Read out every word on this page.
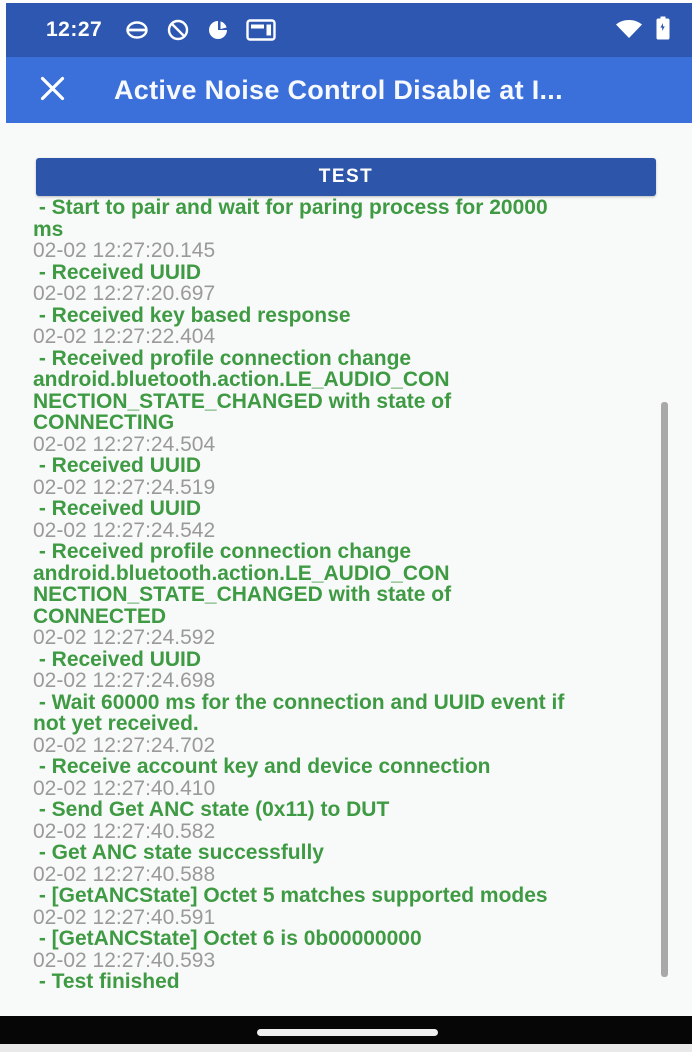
12:27
Active Noise Control Disable at I...
TEST
- Start to pair and wait for paring process for 20000
ms
02-02 12:27:20.145
- Received UUID
02-02 12:27:20.697
- Received key based response
02-02 12:27:22.404
- Received profile connection change
android.bluetooth.action.LE_AUDIO_CON
NECTION_STATE_CHANGED with state of
CONNECTING
02-02 12:27:24.504
- Received UUID
02-02 12:27:24.519
- Received UUID
02-02 12:27:24.542
- Received profile connection change
android.bluetooth.action.LE_AUDIO_CON
NECTION_STATE_CHANGED with state of
CONNECTED
02-02 12:27:24.592
- Received UUID
02-02 12:27:24.698
- Wait 60000 ms for the connection and UUID event if
not yet received.
02-02 12:27:24.702
- Receive account key and device connection
02-02 12:27:40.410
- Send Get ANC state (0x11) to DUT
02-02 12:27:40.582
- Get ANC state successfully
02-02 12:27:40.588
- [GetANCState] Octet 5 matches supported modes
02-02 12:27:40.591
- [GetANCState] Octet 6 is 0b00000000
02-02 12:27:40.593
- Test finished
